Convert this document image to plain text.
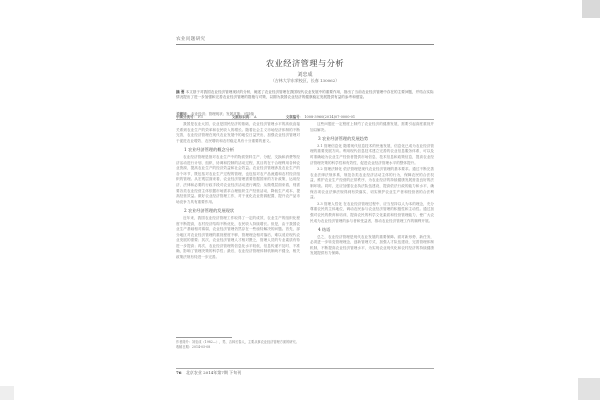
农业问题研究
农业经济管理与分析
刘忠成
（吉林大学东荣校区，长春 130062）
摘 要 本文基于对我国农业经济管理现状的分析，阐述了农业经济管理在我国现代农业发展中的重要作用，指出了当前农业经济管理中存在的主要问题，并结合实际情况提出了进一步加强和完善农业经济管理的措施与对策，以期为我国农业经济的健康稳定发展提供有益的参考和借鉴。
关键词： 农业经济；管理现状；发展对策；可持续
中图分类号： F3	文献标识码： A	文章编号： 1008-3960(2014)07-0000-01

我国是农业大国，农业是国民经济的基础，农业经济管理水平的高低直接关系到农业生产的效率和农民收入的增长。随着社会主义市场经济体制的不断完善，农业经济管理在现代农业发展中的地位日益突出，加强农业经济管理对于促进农业增效、农民增收和农村稳定具有十分重要的意义。

1 农业经济管理的概念分析

农业经济管理是指对农业生产中的物质资料生产、分配、交换和消费等经济活动进行计划、组织、协调和控制的活动过程，其目的在于合理利用各种农业资源，提高农业生产的经济效益和社会效益。农业经济管理涉及农业生产的各个环节，既包括对农业生产过程的管理，也包括对农产品流通和农村经济组织的管理。从宏观层面来看，农业经济管理需要依据国家的方针政策，运用经济、法律和必要的行政手段对农业经济活动进行调控；从微观层面来看，则需要各类农业经营主体依据市场需求合理组织生产经营活动，降低生产成本，提高经营效益。做好农业经济管理工作，对于优化农业资源配置、提升农产品市场竞争力具有重要作用。

2 农业经济管理的发展现状

近年来，我国农业经济管理工作取得了一定的成效，农业生产的组织化程度不断提高，农村经济结构不断优化，农民收入持续增长。但是，由于我国农业生产基础相对薄弱，农业经济管理仍然存在一些亟待解决的问题。首先，部分地区对农业经济管理的重视程度不够，管理理念相对落后，难以适应现代农业发展的需要；其次，农业经济管理人才相对匮乏，管理人员的专业素质有待进一步提高；再次，农业经济管理的信息化水平较低，信息传递不及时、不准确，影响了管理决策的科学性；最后，农业经济管理体制机制尚不健全，相关政策法规有待进一步完善。

这些问题在一定程度上制约了农业经济的健康发展，需要引起高度重视并加以解决。

3 农业经济管理的发展趋势

3.1 管理信息化 随着现代信息技术的快速发展，信息化已成为农业经济管理的重要发展方向。利用现代信息技术建立完善的农业信息服务体系，可以及时准确地为农业生产经营者提供市场信息、技术信息和政策信息，提高农业经济管理决策的科学性和有效性，促进农业经济管理水平的整体提升。

3.2 管理法制化 依法管理是现代农业经济管理的基本要求。通过不断完善农业法律法规体系，规范各类农业经济活动主体的行为，保障农民的合法权益，维护农业生产经营的正常秩序，为农业经济的持续健康发展营造良好的法制环境。同时，还应加强农业执法队伍建设，提高依法行政的能力和水平，确保各项农业法律法规得到有效落实，切实保护农业生产者和经营者的合法利益。

3.3 管理人性化 在农业经济管理过程中，应当坚持以人为本的理念，充分尊重农民的主体地位，调动农民参与农业经济管理的积极性和主动性。通过加强对农民的教育和培训，提高农民的科学文化素质和经营管理能力，使广大农民成为农业经济管理的参与者和受益者，推动农业经济管理工作的顺利开展。

4 结语

总之，农业经济管理是现代农业发展的重要保障。面对新形势、新任务，必须进一步转变管理理念，创新管理方式，加强人才队伍建设，完善管理体制机制，不断提高农业经济管理水平，为实现农业现代化和农村经济的持续健康发展提供有力保障。

作者简介：刘忠成（1982—），男，吉林长春人，主要从事农业经济管理方面的研究。
收稿日期：2014-05-08
76 北京农业 2014年第7期 下旬刊
